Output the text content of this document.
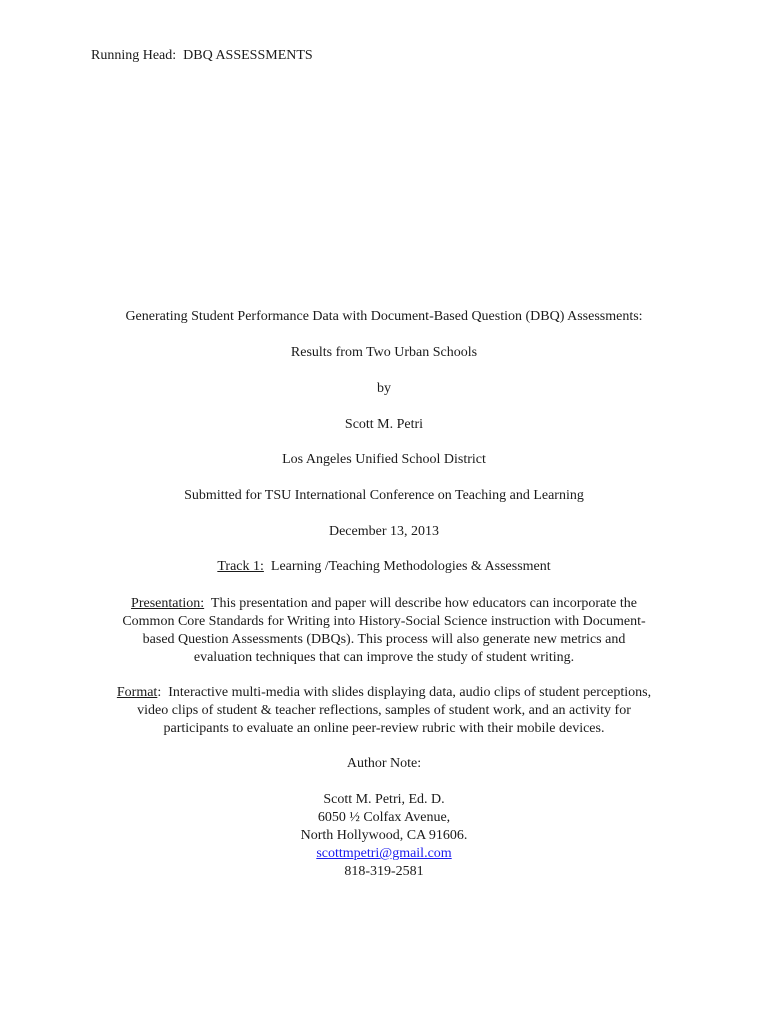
Running Head:  DBQ ASSESSMENTS
Generating Student Performance Data with Document-Based Question (DBQ) Assessments:
Results from Two Urban Schools
by
Scott M. Petri
Los Angeles Unified School District
Submitted for TSU International Conference on Teaching and Learning
December 13, 2013
Track 1:  Learning /Teaching Methodologies & Assessment
Presentation:  This presentation and paper will describe how educators can incorporate the
Common Core Standards for Writing into History-Social Science instruction with Document-
based Question Assessments (DBQs). This process will also generate new metrics and
evaluation techniques that can improve the study of student writing.
Format:  Interactive multi-media with slides displaying data, audio clips of student perceptions,
video clips of student & teacher reflections, samples of student work, and an activity for
participants to evaluate an online peer-review rubric with their mobile devices.
Author Note:
Scott M. Petri, Ed. D.
6050 ½ Colfax Avenue,
North Hollywood, CA 91606.
scottmpetri@gmail.com
818-319-2581
